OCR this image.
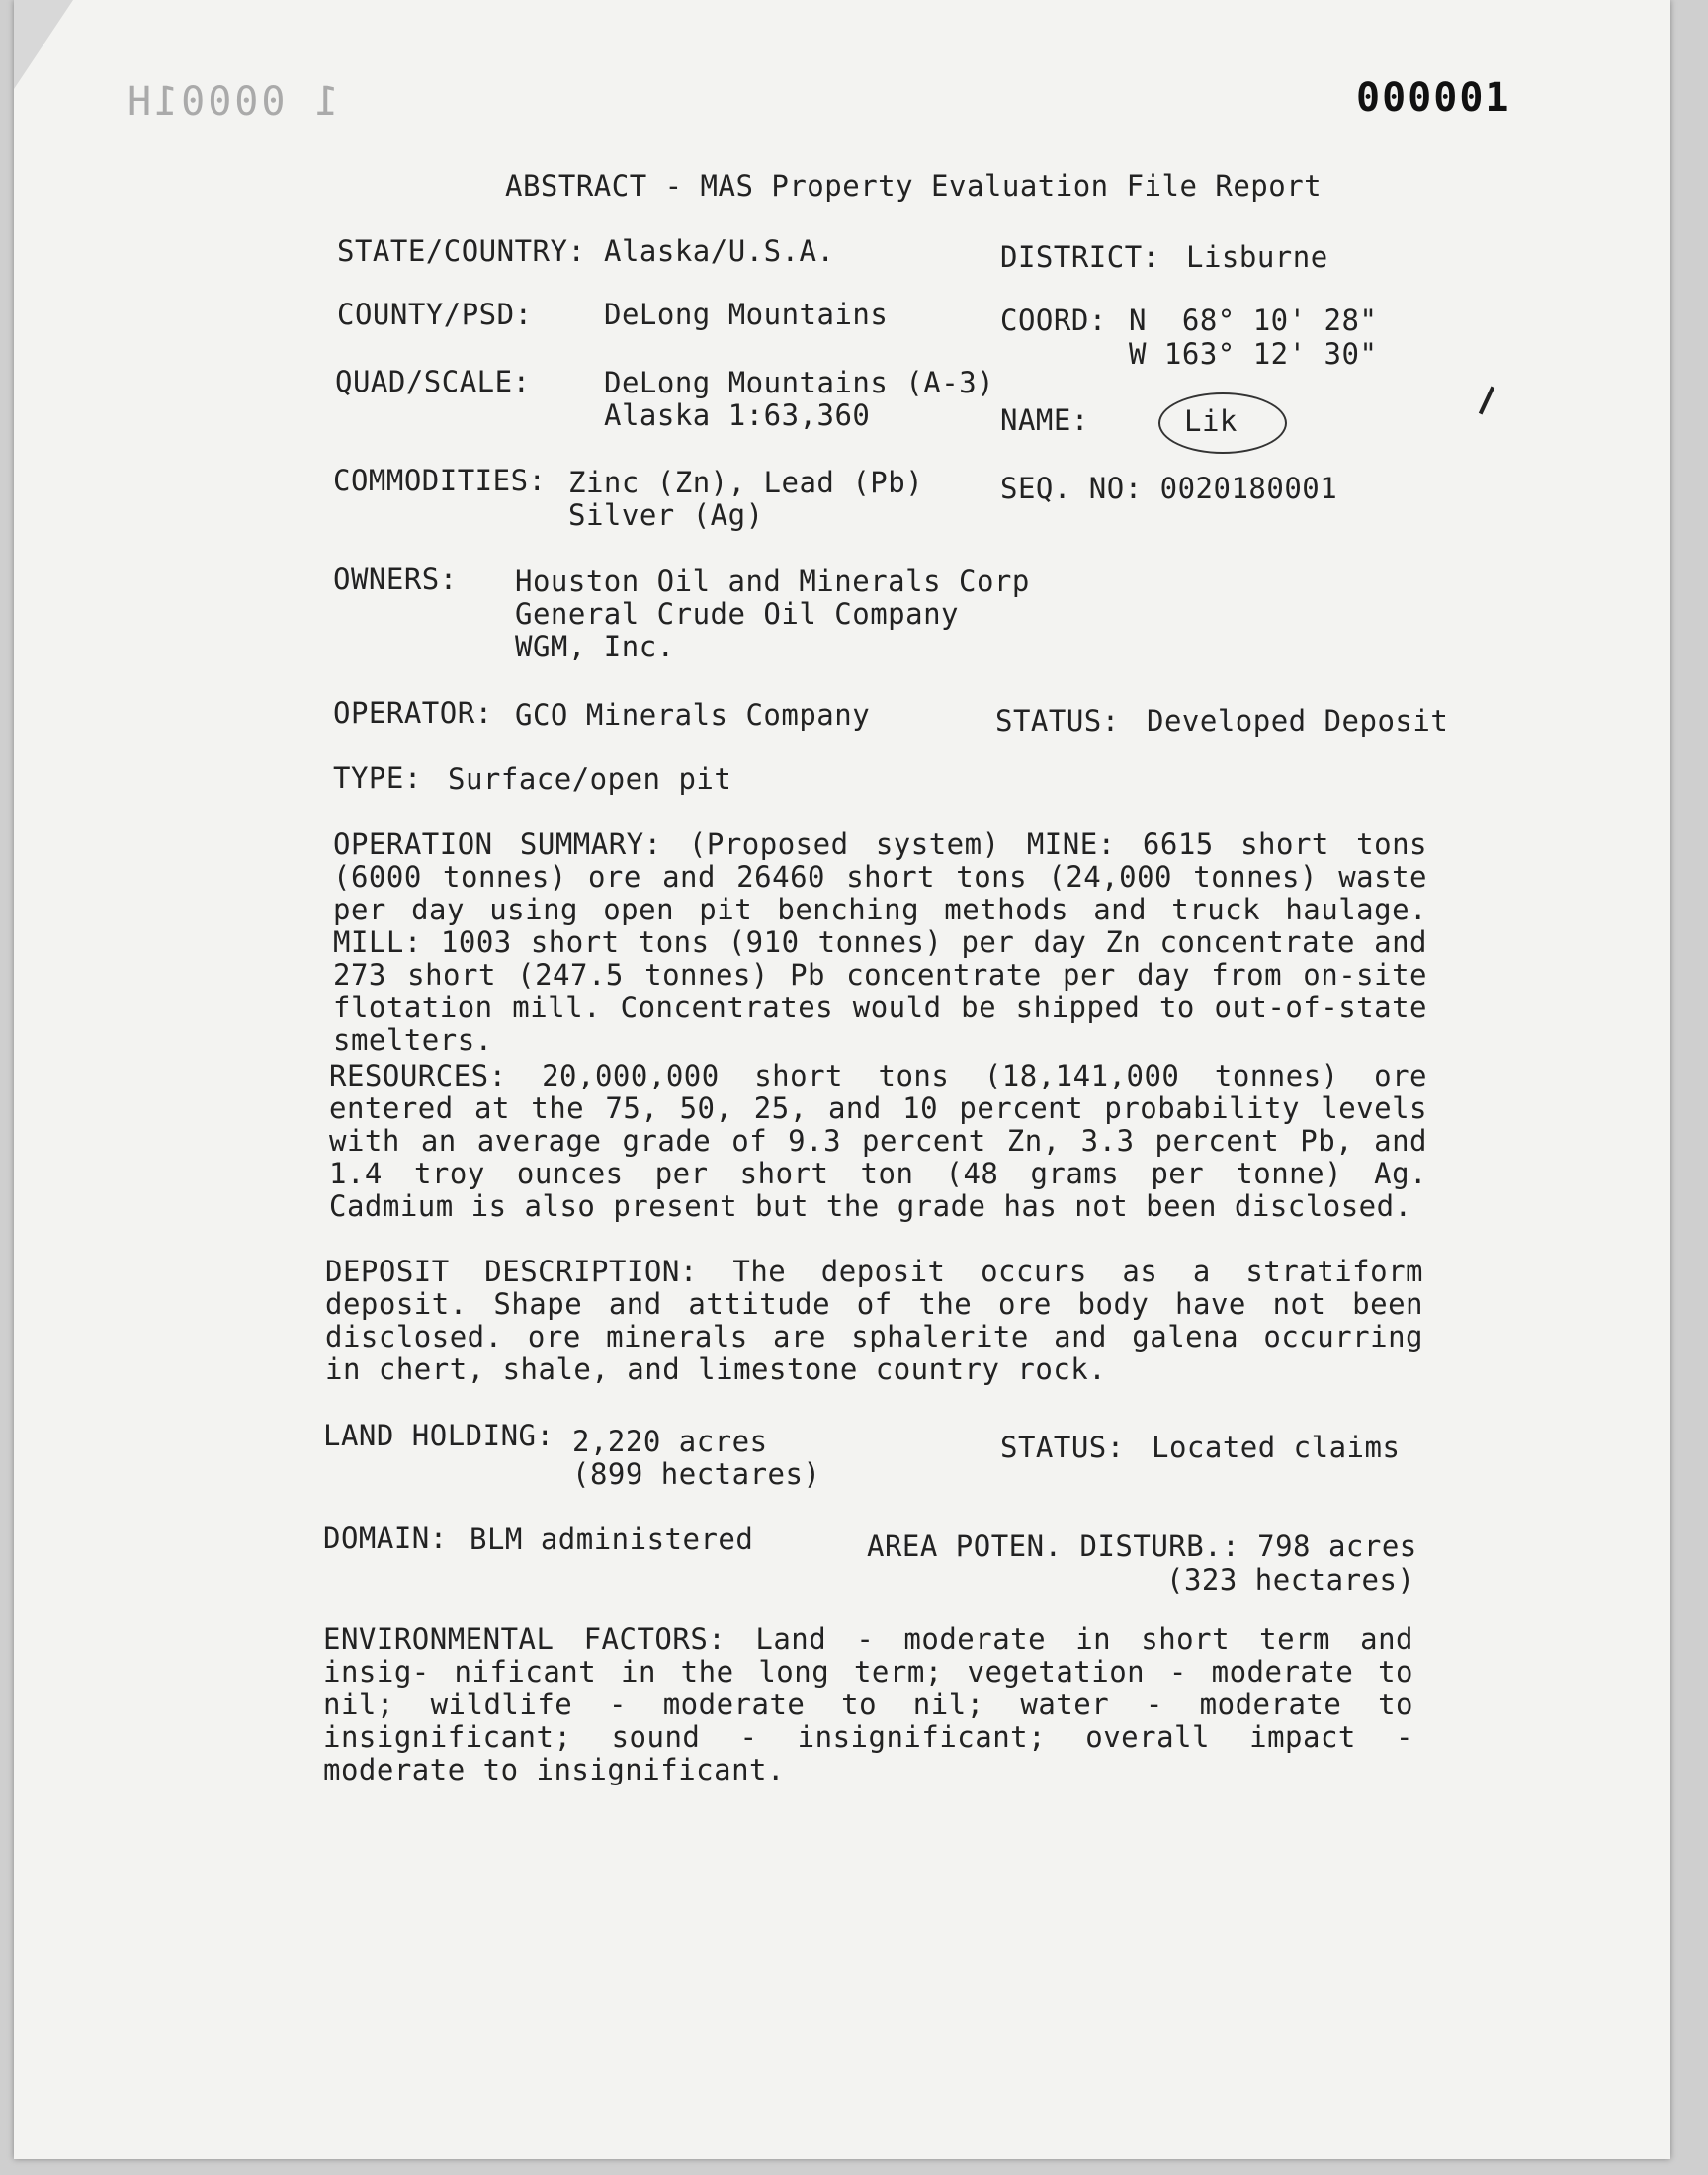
1 00001H	000001
ABSTRACT - MAS Property Evaluation File Report
STATE/COUNTRY: Alaska/U.S.A.	DISTRICT: Lisburne
COUNTY/PSD: DeLong Mountains	COORD: N  68° 10' 28"
W 163° 12' 30"
QUAD/SCALE:	DeLong Mountains (A-3)
Alaska 1:63,360	NAME:	Lik
COMMODITIES: Zinc (Zn), Lead (Pb)
Silver (Ag)
SEQ. NO: 0020180001
OWNERS: Houston Oil and Minerals Corp
General Crude Oil Company
WGM, Inc.
OPERATOR: GCO Minerals Company	STATUS: Developed Deposit
TYPE: Surface/open pit
OPERATION SUMMARY: (Proposed system) MINE: 6615 short tons (6000 tonnes) ore and 26460 short tons (24,000 tonnes) waste per day using open pit benching methods and truck haulage. MILL: 1003 short tons (910 tonnes) per day Zn concentrate and 273 short (247.5 tonnes) Pb concentrate per day from on-site flotation mill. Concentrates would be shipped to out-of-state smelters.
RESOURCES: 20,000,000 short tons (18,141,000 tonnes) ore entered at the 75, 50, 25, and 10 percent probability levels with an average grade of 9.3 percent Zn, 3.3 percent Pb, and 1.4 troy ounces per short ton (48 grams per tonne) Ag. Cadmium is also present but the grade has not been disclosed.
DEPOSIT DESCRIPTION: The deposit occurs as a stratiform deposit. Shape and attitude of the ore body have not been disclosed. ore minerals are sphalerite and galena occurring in chert, shale, and limestone country rock.
LAND HOLDING: 2,220 acres
(899 hectares)
STATUS: Located claims
DOMAIN: BLM administered	AREA POTEN. DISTURB.: 798 acres
(323 hectares)
ENVIRONMENTAL FACTORS: Land - moderate in short term and insig- nificant in the long term; vegetation - moderate to nil; wildlife - moderate to nil; water - moderate to insignificant; sound - insignificant; overall impact - moderate to insignificant.
